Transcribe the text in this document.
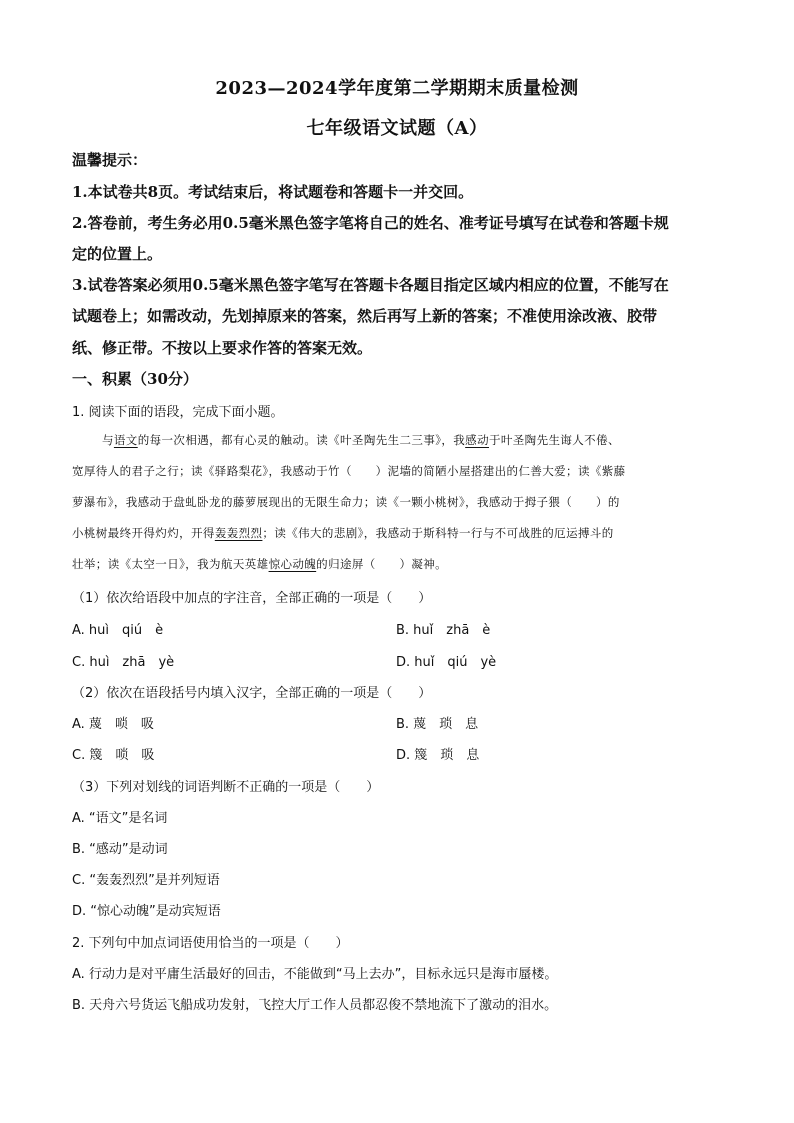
2023—2024学年度第二学期期末质量检测
七年级语文试题（A）
温馨提示：
1.本试卷共8页。考试结束后，将试题卷和答题卡一并交回。
2.答卷前，考生务必用0.5毫米黑色签字笔将自己的姓名、准考证号填写在试卷和答题卡规
定的位置上。
3.试卷答案必须用0.5毫米黑色签字笔写在答题卡各题目指定区域内相应的位置，不能写在
试题卷上；如需改动，先划掉原来的答案，然后再写上新的答案；不准使用涂改液、胶带
纸、修正带。不按以上要求作答的答案无效。
一、积累（30分）
1. 阅读下面的语段，完成下面小题。
与语文的每一次相遇，都有心灵的触动。读《叶圣陶先生二三事》，我感动于叶圣陶先生诲人不倦、
宽厚待人的君子之行；读《驿路梨花》，我感动于竹（　　）泥墙的简陋小屋搭建出的仁善大爱；读《紫藤
萝瀑布》，我感动于盘虬卧龙的藤萝展现出的无限生命力；读《一颗小桃树》，我感动于拇子猥（　　）的
小桃树最终开得灼灼，开得轰轰烈烈；读《伟大的悲剧》，我感动于斯科特一行与不可战胜的厄运搏斗的
壮举；读《太空一日》，我为航天英雄惊心动魄的归途屏（　　）凝神。
（1）依次给语段中加点的字注音，全部正确的一项是（　　）
A. huì　qiú　è	B. huǐ　zhā　è
C. huì　zhā　yè	D. huǐ　qiú　yè
（2）依次在语段括号内填入汉字，全部正确的一项是（　　）
A. 蔑　唢　吸	B. 蔑　琐　息
C. 篾　唢　吸	D. 篾　琐　息
（3）下列对划线的词语判断不正确的一项是（　　）
A. “语文”是名词
B. “感动”是动词
C. “轰轰烈烈”是并列短语
D. “惊心动魄”是动宾短语
2. 下列句中加点词语使用恰当的一项是（　　）
A. 行动力是对平庸生活最好的回击，不能做到“马上去办”，目标永远只是海市蜃楼。
B. 天舟六号货运飞船成功发射，飞控大厅工作人员都忍俊不禁地流下了激动的泪水。
